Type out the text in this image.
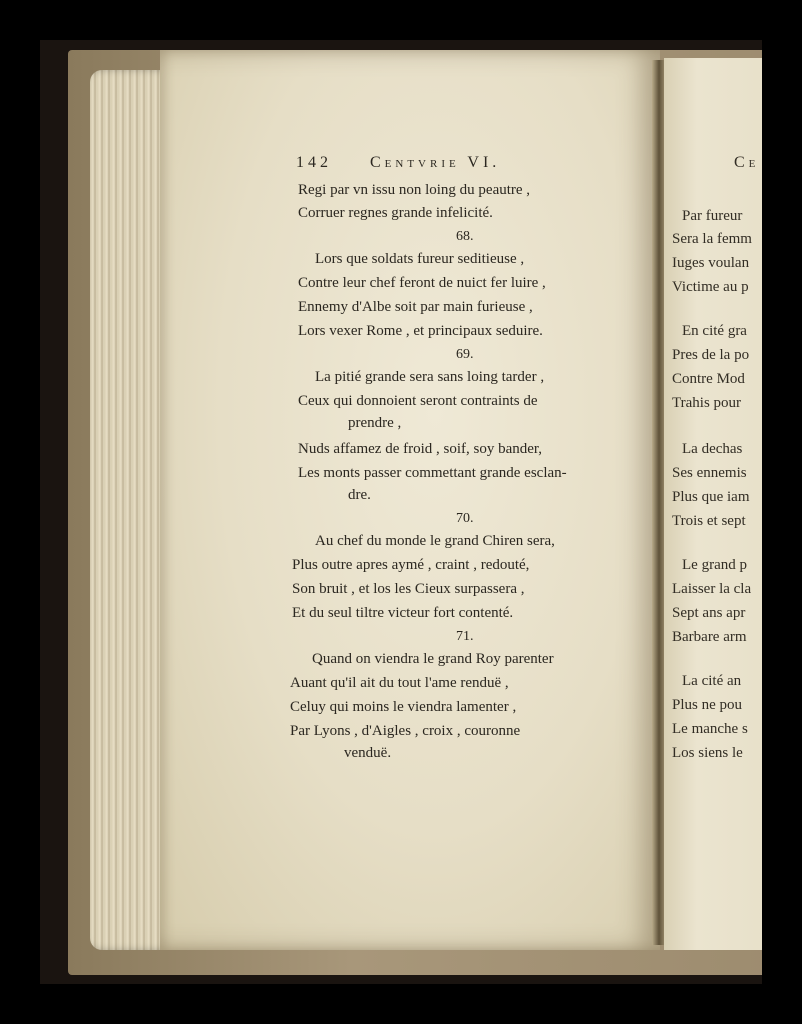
142 Centvrie VI.
Regi par vn issu non loing du peautre ,
Corruer regnes grande infelicité.
68.
Lors que soldats fureur seditieuse ,
Contre leur chef feront de nuict fer luire ,
Ennemy d'Albe soit par main furieuse ,
Lors vexer Rome , et principaux seduire.
69.
La pitié grande sera sans loing tarder ,
Ceux qui donnoient seront contraints de
prendre ,
Nuds affamez de froid , soif, soy bander,
Les monts passer commettant grande esclan-
dre.
70.
Au chef du monde le grand Chiren sera,
Plus outre apres aymé , craint , redouté,
Son bruit , et los les Cieux surpassera ,
Et du seul tiltre victeur fort contenté.
71.
Quand on viendra le grand Roy parenter
Auant qu'il ait du tout l'ame renduë ,
Celuy qui moins le viendra lamenter ,
Par Lyons , d'Aigles , croix , couronne
venduë.
Ce
Par fureur
Sera la femm
Iuges voulan
Victime au p
En cité gra
Pres de la po
Contre Mod
Trahis pour
La dechas
Ses ennemis
Plus que iam
Trois et sept
Le grand p
Laisser la cla
Sept ans apr
Barbare arm
La cité an
Plus ne pou
Le manche s
Los siens le
